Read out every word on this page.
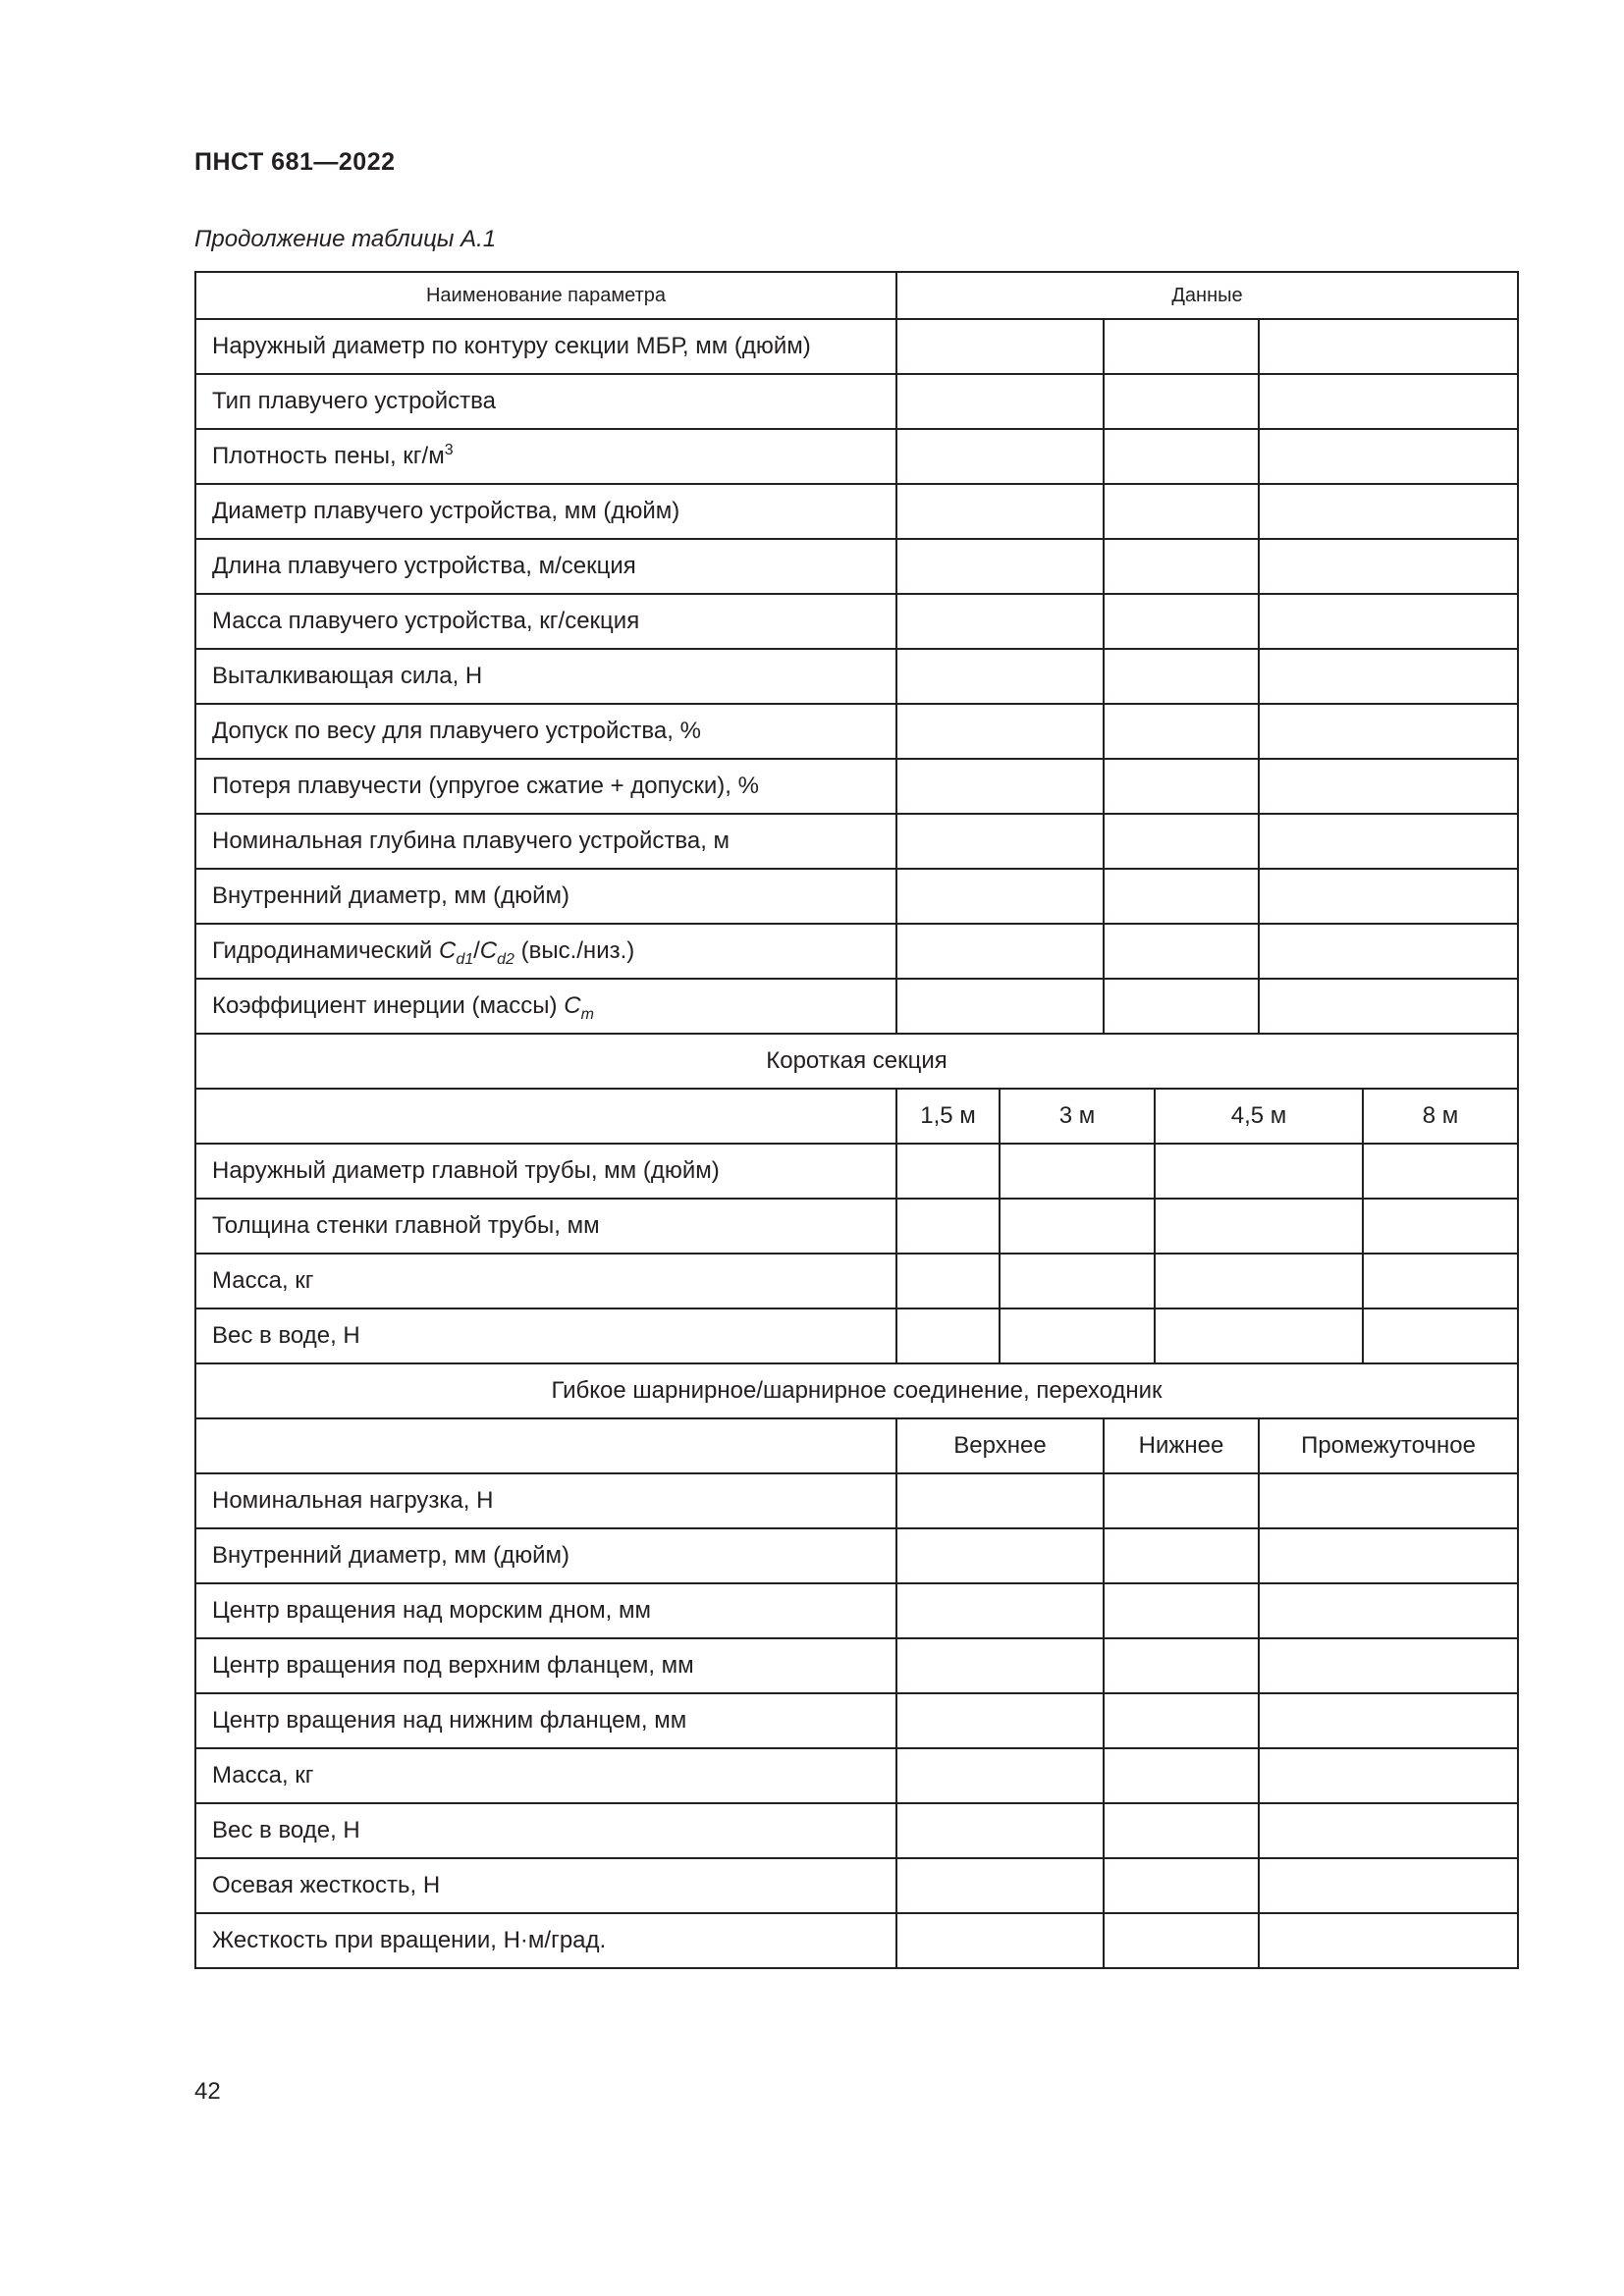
ПНСТ 681—2022
Продолжение таблицы А.1
Наименование параметра	Данные					
Наружный диаметр по контуру секции МБР, мм (дюйм)						
Тип плавучего устройства						
Плотность пены, $кг/м^3$			
Диаметр плавучего устройства, мм (дюйм)						
Длина плавучего устройства, м/секция						
Масса плавучего устройства, кг/секция						
Выталкивающая сила, Н						
Допуск по весу для плавучего устройства, %						
Потеря плавучести (упругое сжатие + допуски), %						
Номинальная глубина плавучего устройства, м						
Внутренний диаметр, мм (дюйм)						
Гидродинамический $C_{d1}/C_{d2}$ (выс./низ.)						
Коэффициент инерции (массы) $C_m$			
Короткая секция						
	1,5 м	3 м		4,5 м		8 м
Наружный диаметр главной трубы, мм (дюйм)						
Толщина стенки главной трубы, мм						
Масса, кг						
Вес в воде, Н						
Гибкое шарнирное/шарнирное соединение, переходник						
	Верхнее		Нижнее		Промежуточное	
Номинальная нагрузка, Н						
Внутренний диаметр, мм (дюйм)						
Центр вращения над морским дном, мм						
Центр вращения под верхним фланцем, мм						
Центр вращения над нижним фланцем, мм						
Масса, кг						
Вес в воде, Н						
Осевая жесткость, Н						
Жесткость при вращении, Н·м/град.						
42
